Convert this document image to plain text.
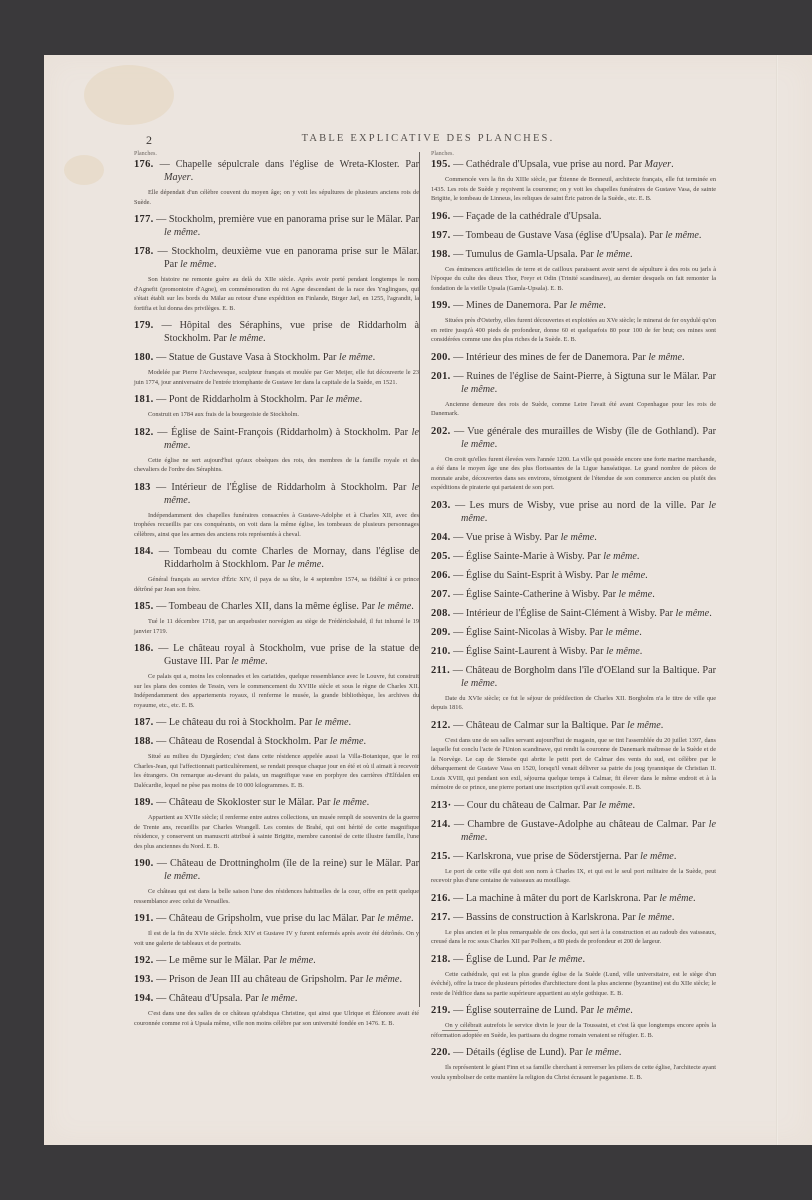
2	TABLE EXPLICATIVE DES PLANCHES.
Planches.
176. — Chapelle sépulcrale dans l'église de Wreta-Kloster. Par Mayer.
Elle dépendait d'un célèbre couvent du moyen âge; on y voit les sépultures de plusieurs anciens rois de Suède.
177. — Stockholm, première vue en panorama prise sur le Mälar. Par le même.
178. — Stockholm, deuxième vue en panorama prise sur le Mälar. Par le même.
Son histoire ne remonte guère au delà du XIIe siècle. Après avoir porté pendant longtemps le nom d'Agnefit (promontoire d'Agne), en commémoration du roi Agne descendant de la race des Ynglingues, qui s'était établi sur les bords du Mälar au retour d'une expédition en Finlande, Birger Jarl, en 1255, l'agrandit, la fortifia et lui donna des privilèges. E. B.
179. — Hôpital des Séraphins, vue prise de Riddarholm à Stockholm. Par le même.
180. — Statue de Gustave Vasa à Stockholm. Par le même.
Modelée par Pierre l'Archevesque, sculpteur français et moulée par Ger Meijer, elle fut découverte le 23 juin 1774, jour anniversaire de l'entrée triomphante de Gustave Ier dans la capitale de la Suède, en 1521.
181. — Pont de Riddarholm à Stockholm. Par le même.
Construit en 1784 aux frais de la bourgeoisie de Stockholm.
182. — Église de Saint-François (Riddarholm) à Stockholm. Par le même.
Cette église ne sert aujourd'hui qu'aux obsèques des rois, des membres de la famille royale et des chevaliers de l'ordre des Séraphins.
183 — Intérieur de l'Église de Riddarholm à Stockholm. Par le même.
Indépendamment des chapelles funéraires consacrées à Gustave-Adolphe et à Charles XII, avec des trophées recueillis par ces conquérants, on voit dans la même église, les tombeaux de plusieurs personnages célèbres, ainsi que les armes des anciens rois représentés à cheval.
184. — Tombeau du comte Charles de Mornay, dans l'église de Riddarholm à Stockhlom. Par le même.
Général français au service d'Éric XIV, il paya de sa tête, le 4 septembre 1574, sa fidélité à ce prince détrôné par Jean son frère.
185. — Tombeau de Charles XII, dans la même église. Par le même.
Tué le 11 décembre 1718, par un arquebusier norvégien au siège de Frédérickshald, il fut inhumé le 19 janvier 1719.
186. — Le château royal à Stockholm, vue prise de la statue de Gustave III. Par le même.
Ce palais qui a, moins les colonnades et les cariatides, quelque ressemblance avec le Louvre, fut construit sur les plans des comtes de Tessin, vers le commencement du XVIIIe siècle et sous le règne de Charles XII. Indépendamment des appartements royaux, il renferme le musée, la grande bibliothèque, les archives du royaume, etc., etc. E. B.
187. — Le château du roi à Stockholm. Par le même.
188. — Château de Rosendal à Stockholm. Par le même.
Situé au milieu du Djurgården; c'est dans cette résidence appelée aussi la Villa-Botanique, que le roi Charles-Jean, qui l'affectionnait particulièrement, se rendait presque chaque jour en été et où il aimait à recevoir les étrangers. On remarque au-devant du palais, un magnifique vase en porphyre des carrières d'Elfdalen en Dalécardie, lequel ne pèse pas moins de 10 000 kilogrammes. E. B.
189. — Château de Skokloster sur le Mälar. Par le même.
Appartient au XVIIe siècle; il renferme entre autres collections, un musée rempli de souvenirs de la guerre de Trente ans, recueillis par Charles Wrangell. Les comtes de Brahé, qui ont hérité de cette magnifique résidence, y conservent un manuscrit attribué à sainte Brigitte, membre canonisé de cette illustre famille, l'une des plus anciennes du Nord. E. B.
190. — Château de Drottningholm (île de la reine) sur le Mälar. Par le même.
Ce château qui est dans la belle saison l'une des résidences habituelles de la cour, offre en petit quelque ressemblance avec celui de Versailles.
191. — Château de Gripsholm, vue prise du lac Mälar. Par le même.
Il est de la fin du XVIe siècle. Érick XIV et Gustave IV y furent enfermés après avoir été détrônés. On y voit une galerie de tableaux et de portraits.
192. — Le même sur le Mälar. Par le même.
193. — Prison de Jean III au château de Gripsholm. Par le même.
194. — Château d'Upsala. Par le même.
C'est dans une des salles de ce château qu'abdiqua Christine, qui ainsi que Ulrique et Éléonore avait été couronnée comme roi à Upsala même, ville non moins célèbre par son université fondée en 1476. E. B.
Planches.
195. — Cathédrale d'Upsala, vue prise au nord. Par Mayer.
Commencée vers la fin du XIIIe siècle, par Étienne de Bonneuil, architecte français, elle fut terminée en 1435. Les rois de Suède y reçoivent la couronne; on y voit les chapelles funéraires de Gustave Vasa, de sainte Brigitte, le tombeau de Linneus, les reliques de saint Éric patron de la Suède., etc. E. B.
196. — Façade de la cathédrale d'Upsala.
197. — Tombeau de Gustave Vasa (église d'Upsala). Par le même.
198. — Tumulus de Gamla-Upsala. Par le même.
Ces éminences artificielles de terre et de cailloux paraissent avoir servi de sépulture à des rois ou jarls à l'époque du culte des dieux Thor, Freyr et Odin (Trinité scandinave), au dernier desquels on fait remonter la fondation de la vieille Upsala (Gamla-Upsala). E. B.
199. — Mines de Danemora. Par le même.
Situées près d'Osterby, elles furent découvertes et exploitées au XVe siècle; le minerai de fer oxydulé qu'on en retire jusqu'à 400 pieds de profondeur, donne 60 et quelquefois 80 pour 100 de fer brut; ces mines sont considérées comme une des plus riches de la Suède. E. B.
200. — Intérieur des mines de fer de Danemora. Par le même.
201. — Ruines de l'église de Saint-Pierre, à Sigtuna sur le Mälar. Par le même.
Ancienne demeure des rois de Suède, comme Leire l'avait été avant Copenhague pour les rois de Danemark.
202. — Vue générale des murailles de Wisby (île de Gothland). Par le même.
On croit qu'elles furent élevées vers l'année 1200. La ville qui possède encore une forte marine marchande, a été dans le moyen âge une des plus florissantes de la Ligue hanséatique. Le grand nombre de pièces de monnaie arabe, découvertes dans ses environs, témoignent de l'étendue de son commerce ancien ou plutôt des expéditions de piraterie qui partaient de son port.
203. — Les murs de Wisby, vue prise au nord de la ville. Par le même.
204. — Vue prise à Wisby. Par le même.
205. — Église Sainte-Marie à Wisby. Par le même.
206. — Église du Saint-Esprit à Wisby. Par le même.
207. — Église Sainte-Catherine à Wisby. Par le même.
208. — Intérieur de l'Église de Saint-Clément à Wisby. Par le même.
209. — Église Saint-Nicolas à Wisby. Par le même.
210. — Église Saint-Laurent à Wisby. Par le même.
211. — Château de Borgholm dans l'île d'OEland sur la Baltique. Par le même.
Date du XVIe siècle; ce fut le séjour de prédilection de Charles XII. Borgholm n'a le titre de ville que depuis 1816.
212. — Château de Calmar sur la Baltique. Par le même.
C'est dans une de ses salles servant aujourd'hui de magasin, que se tint l'assemblée du 20 juillet 1397, dans laquelle fut conclu l'acte de l'Union scandinave, qui rendit la couronne de Danemark maîtresse de la Suède et de la Norvège. Le cap de Stensöe qui abrite le petit port de Calmar des vents du sud, est célèbre par le débarquement de Gustave Vasa en 1520, lorsqu'il venait délivrer sa patrie du joug tyrannique de Christian II. Louis XVIII, qui pendant son exil, séjourna quelque temps à Calmar, fit élever dans le même endroit et à la mémoire de ce prince, une pierre portant une inscription qu'il avait composée. E. B.
213· — Cour du château de Calmar. Par le même.
214. — Chambre de Gustave-Adolphe au château de Calmar. Par le même.
215. — Karlskrona, vue prise de Söderstjerna. Par le même.
Le port de cette ville qui doit son nom à Charles IX, et qui est le seul port militaire de la Suède, peut recevoir plus d'une centaine de vaisseaux au mouillage.
216. — La machine à mâter du port de Karlskrona. Par le même.
217. — Bassins de construction à Karlskrona. Par le même.
Le plus ancien et le plus remarquable de ces docks, qui sert à la construction et au radoub des vaisseaux, creusé dans le roc sous Charles XII par Polhem, a 80 pieds de profondeur et 200 de largeur.
218. — Église de Lund. Par le même.
Cette cathédrale, qui est la plus grande église de la Suède (Lund, ville universitaire, est le siège d'un évêché), offre la trace de plusieurs périodes d'architecture dont la plus ancienne (byzantine) est du XIIe siècle; le reste de l'édifice dans sa partie supérieure appartient au style gothique. E. B.
219. — Église souterraine de Lund. Par le même.
On y célébrait autrefois le service divin le jour de la Toussaint, et c'est là que longtemps encore après la réformation adoptée en Suède, les partisans du dogme romain venaient se réfugier. E. B.
220. — Détails (église de Lund). Par le même.
Ils représentent le géant Finn et sa famille cherchant à renverser les piliers de cette église, l'architecte ayant voulu symboliser de cette manière la religion du Christ écrasant le paganisme. E. B.
